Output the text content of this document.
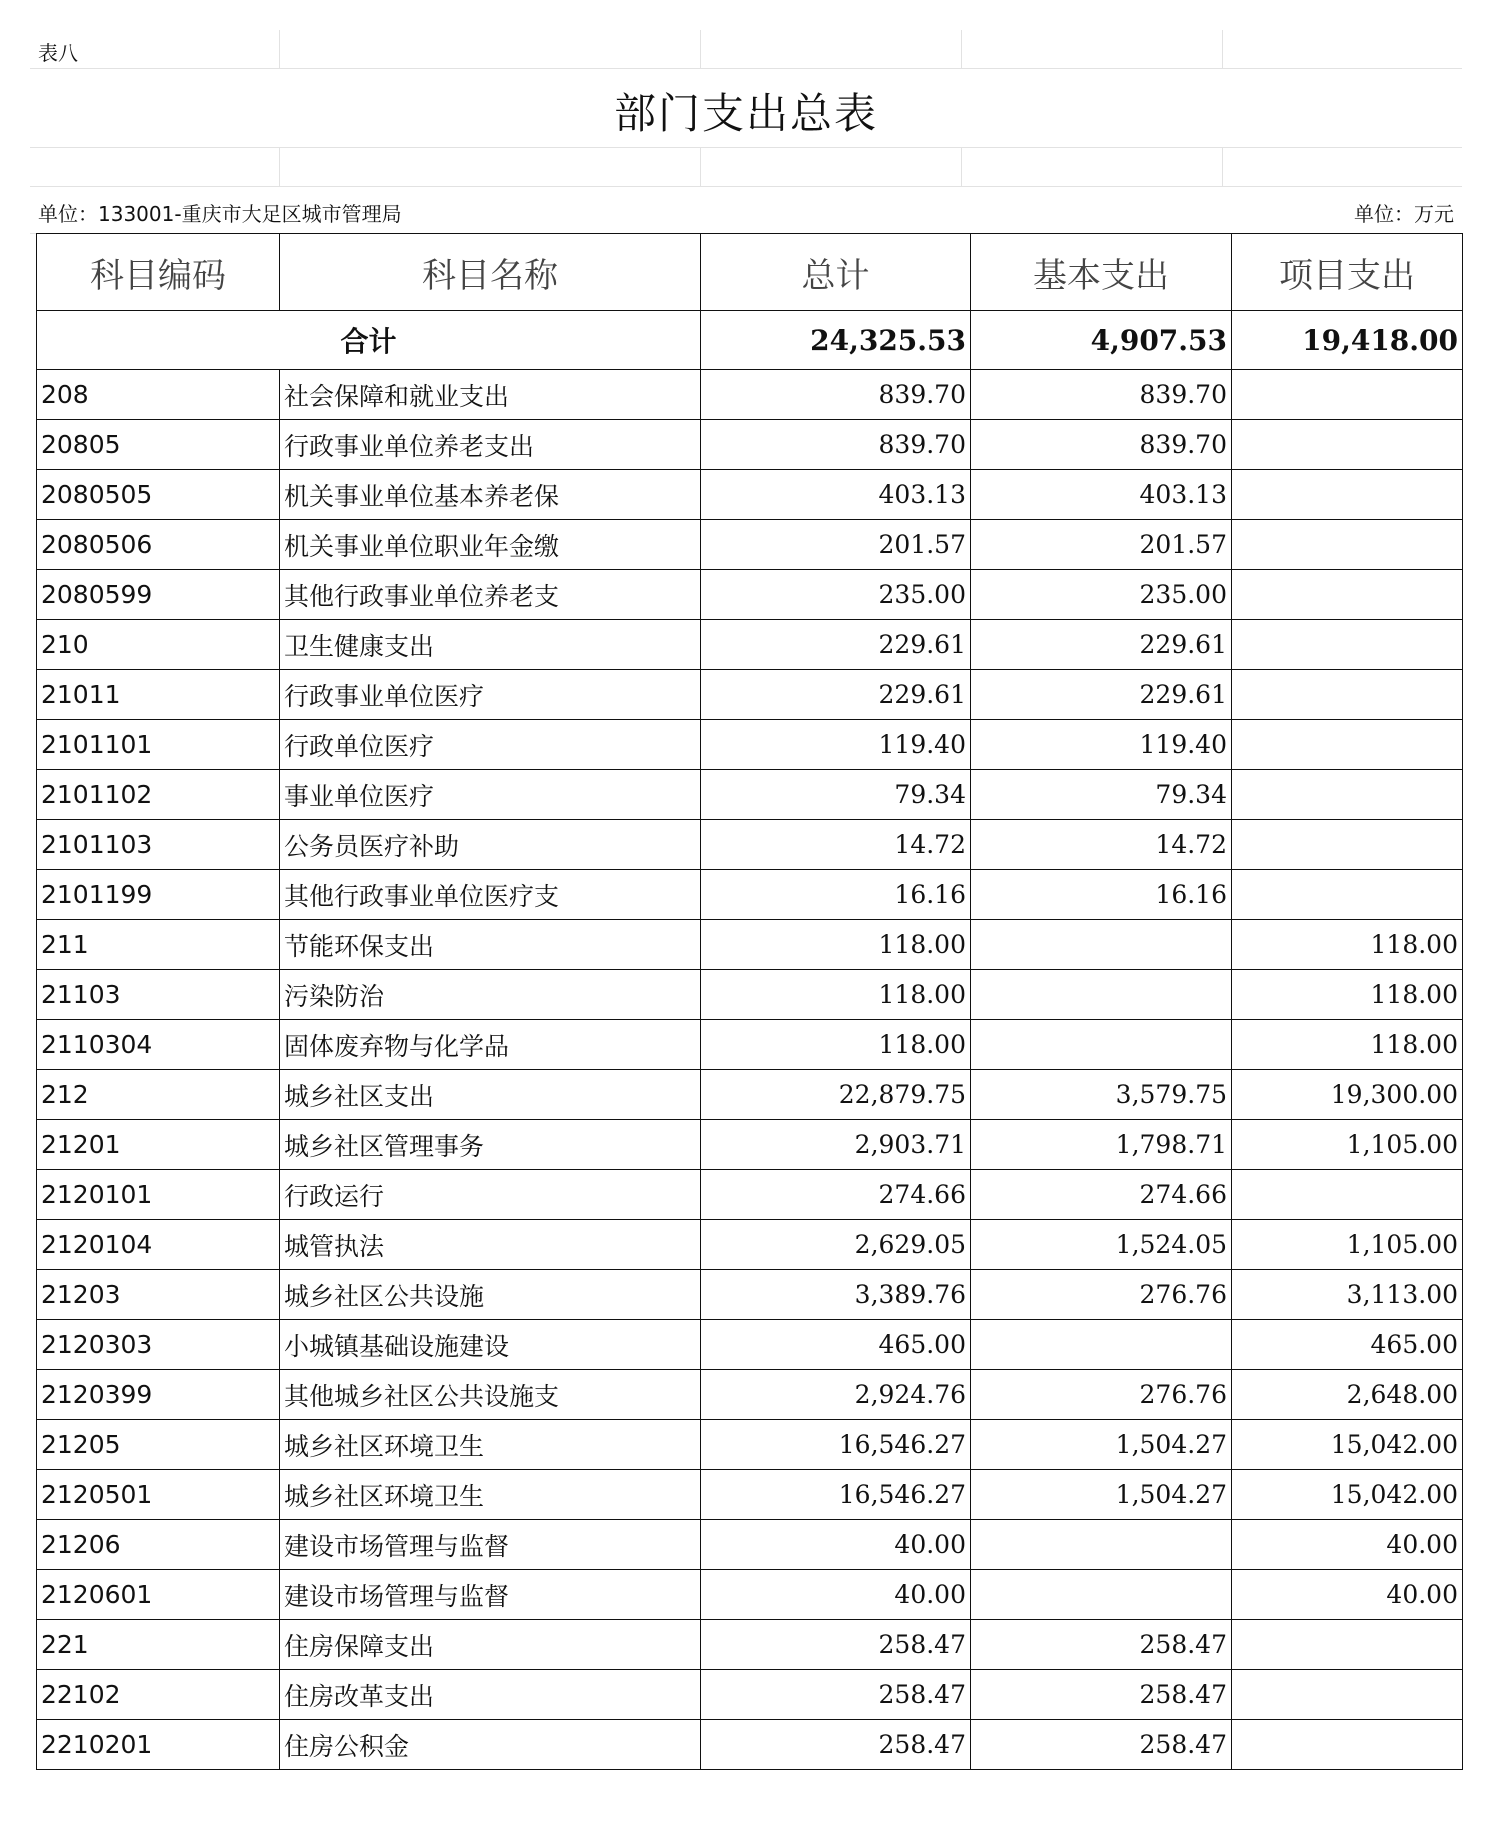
表八
部门支出总表
单位：133001-重庆市大足区城市管理局	单位：万元
科目编码	科目名称	总计	基本支出	项目支出
合计		24,325.53	4,907.53	19,418.00
208	社会保障和就业支出	839.70	839.70	
20805	行政事业单位养老支出	839.70	839.70	
2080505	机关事业单位基本养老保	403.13	403.13	
2080506	机关事业单位职业年金缴	201.57	201.57	
2080599	其他行政事业单位养老支	235.00	235.00	
210	卫生健康支出	229.61	229.61	
21011	行政事业单位医疗	229.61	229.61	
2101101	行政单位医疗	119.40	119.40	
2101102	事业单位医疗	79.34	79.34	
2101103	公务员医疗补助	14.72	14.72	
2101199	其他行政事业单位医疗支	16.16	16.16	
211	节能环保支出	118.00		118.00
21103	污染防治	118.00		118.00
2110304	固体废弃物与化学品	118.00		118.00
212	城乡社区支出	22,879.75	3,579.75	19,300.00
21201	城乡社区管理事务	2,903.71	1,798.71	1,105.00
2120101	行政运行	274.66	274.66	
2120104	城管执法	2,629.05	1,524.05	1,105.00
21203	城乡社区公共设施	3,389.76	276.76	3,113.00
2120303	小城镇基础设施建设	465.00		465.00
2120399	其他城乡社区公共设施支	2,924.76	276.76	2,648.00
21205	城乡社区环境卫生	16,546.27	1,504.27	15,042.00
2120501	城乡社区环境卫生	16,546.27	1,504.27	15,042.00
21206	建设市场管理与监督	40.00		40.00
2120601	建设市场管理与监督	40.00		40.00
221	住房保障支出	258.47	258.47	
22102	住房改革支出	258.47	258.47	
2210201	住房公积金	258.47	258.47	
